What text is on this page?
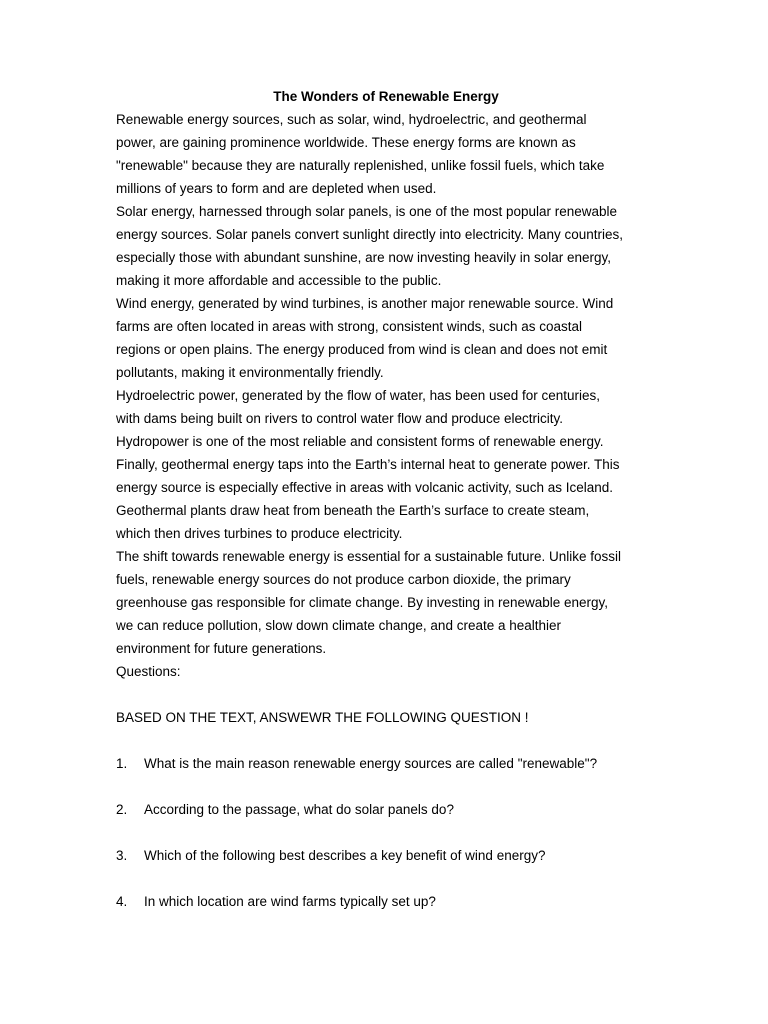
The Wonders of Renewable Energy
Renewable energy sources, such as solar, wind, hydroelectric, and geothermal
power, are gaining prominence worldwide. These energy forms are known as
"renewable" because they are naturally replenished, unlike fossil fuels, which take
millions of years to form and are depleted when used.
Solar energy, harnessed through solar panels, is one of the most popular renewable
energy sources. Solar panels convert sunlight directly into electricity. Many countries,
especially those with abundant sunshine, are now investing heavily in solar energy,
making it more affordable and accessible to the public.
Wind energy, generated by wind turbines, is another major renewable source. Wind
farms are often located in areas with strong, consistent winds, such as coastal
regions or open plains. The energy produced from wind is clean and does not emit
pollutants, making it environmentally friendly.
Hydroelectric power, generated by the flow of water, has been used for centuries,
with dams being built on rivers to control water flow and produce electricity.
Hydropower is one of the most reliable and consistent forms of renewable energy.
Finally, geothermal energy taps into the Earth’s internal heat to generate power. This
energy source is especially effective in areas with volcanic activity, such as Iceland.
Geothermal plants draw heat from beneath the Earth’s surface to create steam,
which then drives turbines to produce electricity.
The shift towards renewable energy is essential for a sustainable future. Unlike fossil
fuels, renewable energy sources do not produce carbon dioxide, the primary
greenhouse gas responsible for climate change. By investing in renewable energy,
we can reduce pollution, slow down climate change, and create a healthier
environment for future generations.
Questions:
BASED ON THE TEXT, ANSWEWR THE FOLLOWING QUESTION !
1.	What is the main reason renewable energy sources are called "renewable"?
2.	According to the passage, what do solar panels do?
3.	Which of the following best describes a key benefit of wind energy?
4.	In which location are wind farms typically set up?
